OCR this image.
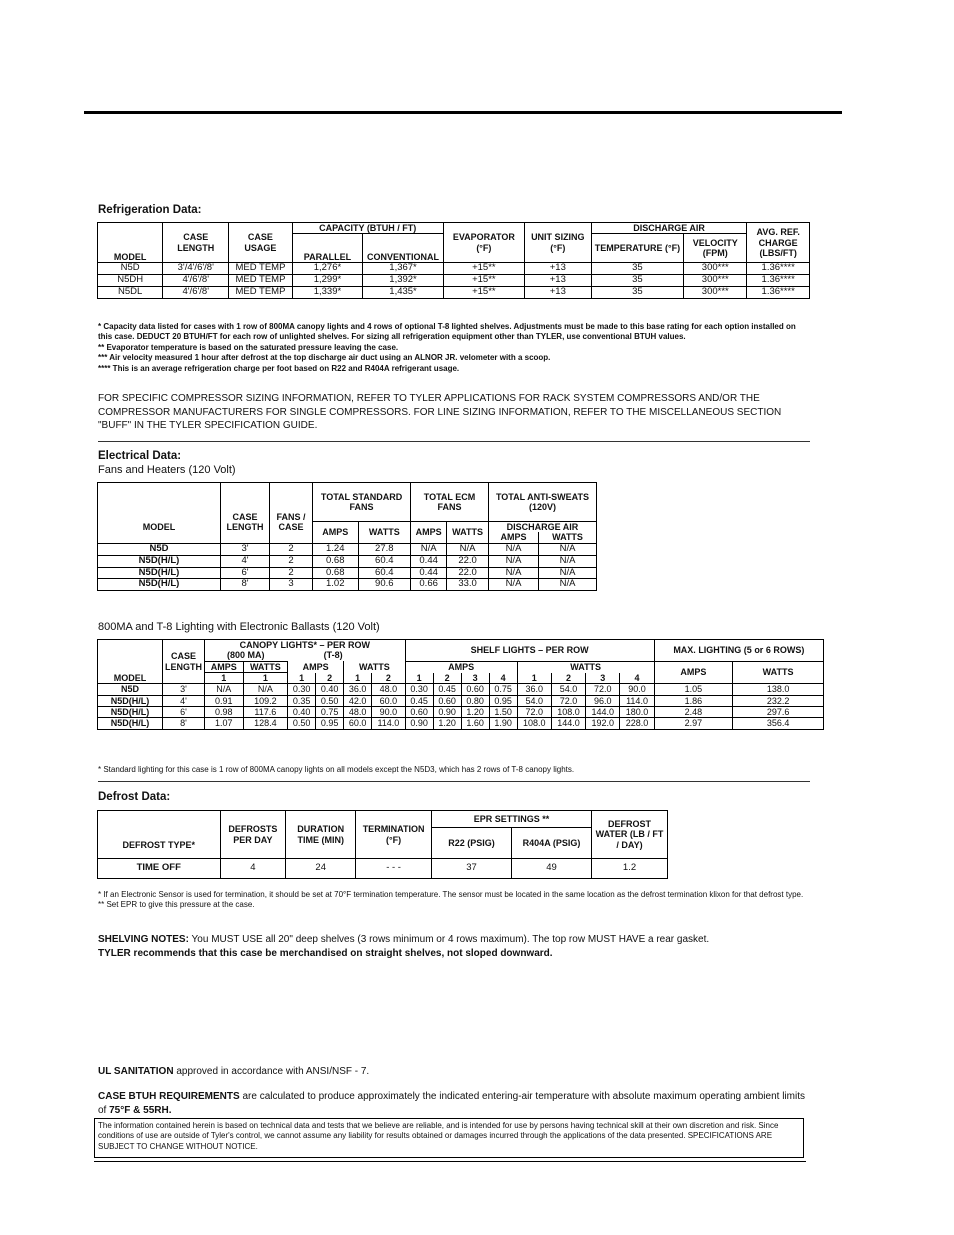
Refrigeration Data:
MODEL	CASE LENGTH	CASE USAGE	CAPACITY (BTUH / FT)		EVAPORATOR (°F)	UNIT SIZING (°F)	DISCHARGE AIR		AVG. REF. CHARGE (LBS/FT)
			PARALLEL	CONVENTIONAL			TEMPERATURE (°F)	VELOCITY (FPM)	

N5D	3'/4'/6'/8'	MED TEMP	1,276*	1,367*	+15**	+13	35	300***	1.36****
N5DH	4'/6'/8'	MED TEMP	1,299*	1,392*	+15**	+13	35	300***	1.36****
N5DL	4'/6'/8'	MED TEMP	1,339*	1,435*	+15**	+13	35	300***	1.36****

* Capacity data listed for cases with 1 row of 800MA canopy lights and 4 rows of optional T-8 lighted shelves. Adjustments must be made to this base rating for each option installed on this case. DEDUCT 20 BTUH/FT for each row of unlighted shelves. For sizing all refrigeration equipment other than TYLER, use conventional BTUH values.

** Evaporator temperature is based on the saturated pressure leaving the case.

*** Air velocity measured 1 hour after defrost at the top discharge air duct using an ALNOR JR. velometer with a scoop.

**** This is an average refrigeration charge per foot based on R22 and R404A refrigerant usage.

FOR SPECIFIC COMPRESSOR SIZING INFORMATION, REFER TO TYLER APPLICATIONS FOR RACK SYSTEM COMPRESSORS AND/OR THE COMPRESSOR MANUFACTURERS FOR SINGLE COMPRESSORS. FOR LINE SIZING INFORMATION, REFER TO THE MISCELLANEOUS SECTION "BUFF" IN THE TYLER SPECIFICATION GUIDE.
Electrical Data:
Fans and Heaters (120 Volt)
MODEL	CASE LENGTH	FANS / CASE	TOTAL STANDARD FANS		TOTAL ECM FANS		TOTAL ANTI-SWEATS (120V)	
			AMPS	WATTS	AMPS	WATTS	DISCHARGE AIR	
							AMPS	WATTS
N5D	3'	2	1.24	27.8	N/A	N/A	N/A	N/A
N5D(H/L)	4'	2	0.68	60.4	0.44	22.0	N/A	N/A
N5D(H/L)	6'	2	0.68	60.4	0.44	22.0	N/A	N/A
N5D(H/L)	8'	3	1.02	90.6	0.66	33.0	N/A	N/A
800MA and T-8 Lighting with Electronic Ballasts (120 Volt)
MODEL	CASE LENGTH	CANOPY LIGHTS* – PER ROW

(800 MA) (T-8)						SHELF LIGHTS – PER ROW								MAX. LIGHTING (5 or 6 ROWS)	
		AMPS	WATTS	AMPS		WATTS		AMPS				WATTS				AMPS	WATTS
		1	1	1	2	1	2	1	2	3	4	1	2	3	4		
N5D	3'	N/A	N/A	0.30	0.40	36.0	48.0	0.30	0.45	0.60	0.75	36.0	54.0	72.0	90.0	1.05	138.0
N5D(H/L)	4'	0.91	109.2	0.35	0.50	42.0	60.0	0.45	0.60	0.80	0.95	54.0	72.0	96.0	114.0	1.86	232.2
N5D(H/L)	6'	0.98	117.6	0.40	0.75	48.0	90.0	0.60	0.90	1.20	1.50	72.0	108.0	144.0	180.0	2.48	297.6
N5D(H/L)	8'	1.07	128.4	0.50	0.95	60.0	114.0	0.90	1.20	1.60	1.90	108.0	144.0	192.0	228.0	2.97	356.4
* Standard lighting for this case is 1 row of 800MA canopy lights on all models except the N5D3, which has 2 rows of T-8 canopy lights.
Defrost Data:
DEFROST TYPE*	DEFROSTS PER DAY	DURATION TIME (MIN)	TERMINATION (°F)	EPR SETTINGS **		DEFROST WATER (LB / FT / DAY)
				R22 (PSIG)	R404A (PSIG)	
TIME OFF	4	24	- - -	37	49	1.2

* If an Electronic Sensor is used for termination, it should be set at 70°F termination temperature. The sensor must be located in the same location as the defrost termination klixon for that defrost type.

** Set EPR to give this pressure at the case.

SHELVING NOTES: You MUST USE all 20" deep shelves (3 rows minimum or 4 rows maximum). The top row MUST HAVE a rear gasket.
TYLER recommends that this case be merchandised on straight shelves, not sloped downward.
UL SANITATION approved in accordance with ANSI/NSF - 7.
CASE BTUH REQUIREMENTS are calculated to produce approximately the indicated entering-air temperature with absolute maximum operating ambient limits of 75°F & 55RH.
The information contained herein is based on technical data and tests that we believe are reliable, and is intended for use by persons having technical skill at their own discretion and risk. Since conditions of use are outside of Tyler's control, we cannot assume any liability for results obtained or damages incurred through the applications of the data presented. SPECIFICATIONS ARE SUBJECT TO CHANGE WITHOUT NOTICE.
